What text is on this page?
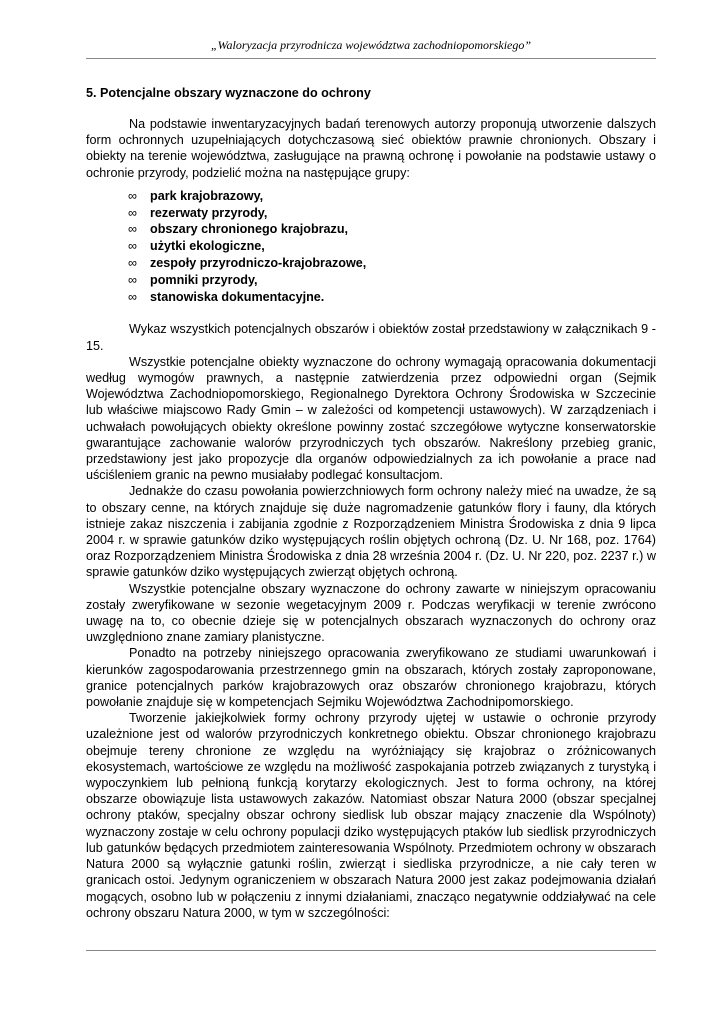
„Waloryzacja przyrodnicza województwa zachodniopomorskiego”
5. Potencjalne obszary wyznaczone do ochrony

Na podstawie inwentaryzacyjnych badań terenowych autorzy proponują utworzenie dalszych form ochronnych uzupełniających dotychczasową sieć obiektów prawnie chronionych. Obszary i obiekty na terenie województwa, zasługujące na prawną ochronę i powołanie na podstawie ustawy o ochronie przyrody, podzielić można na następujące grupy:

∞ park krajobrazowy,
∞ rezerwaty przyrody,
∞ obszary chronionego krajobrazu,
∞ użytki ekologiczne,
∞ zespoły przyrodniczo-krajobrazowe,
∞ pomniki przyrody,
∞ stanowiska dokumentacyjne.

Wykaz wszystkich potencjalnych obszarów i obiektów został przedstawiony w załącznikach 9 - 15.

Wszystkie potencjalne obiekty wyznaczone do ochrony wymagają opracowania dokumentacji według wymogów prawnych, a następnie zatwierdzenia przez odpowiedni organ (Sejmik Województwa Zachodniopomorskiego, Regionalnego Dyrektora Ochrony Środowiska w Szczecinie lub właściwe miajscowo Rady Gmin – w zależości od kompetencji ustawowych). W zarządzeniach i uchwałach powołujących obiekty określone powinny zostać szczegółowe wytyczne konserwatorskie gwarantujące zachowanie walorów przyrodniczych tych obszarów. Nakreślony przebieg granic, przedstawiony jest jako propozycje dla organów odpowiedzialnych za ich powołanie a prace nad uściśleniem granic na pewno musiałaby podlegać konsultacjom.

Jednakże do czasu powołania powierzchniowych form ochrony należy mieć na uwadze, że są to obszary cenne, na których znajduje się duże nagromadzenie gatunków flory i fauny, dla których istnieje zakaz niszczenia i zabijania zgodnie z Rozporządzeniem Ministra Środowiska z dnia 9 lipca 2004 r. w sprawie gatunków dziko występujących roślin objętych ochroną (Dz. U. Nr 168, poz. 1764) oraz Rozporządzeniem Ministra Środowiska z dnia 28 września 2004 r. (Dz. U. Nr 220, poz. 2237 r.) w sprawie gatunków dziko występujących zwierząt objętych ochroną.

Wszystkie potencjalne obszary wyznaczone do ochrony zawarte w niniejszym opracowaniu zostały zweryfikowane w sezonie wegetacyjnym 2009 r. Podczas weryfikacji w terenie zwrócono uwagę na to, co obecnie dzieje się w potencjalnych obszarach wyznaczonych do ochrony oraz uwzględniono znane zamiary planistyczne.

Ponadto na potrzeby niniejszego opracowania zweryfikowano ze studiami uwarunkowań i kierunków zagospodarowania przestrzennego gmin na obszarach, których zostały zaproponowane, granice potencjalnych parków krajobrazowych oraz obszarów chronionego krajobrazu, których powołanie znajduje się w kompetencjach Sejmiku Województwa Zachodnipomorskiego.

Tworzenie jakiejkolwiek formy ochrony przyrody ujętej w ustawie o ochronie przyrody uzależnione jest od walorów przyrodniczych konkretnego obiektu. Obszar chronionego krajobrazu obejmuje tereny chronione ze względu na wyróżniający się krajobraz o zróżnicowanych ekosystemach, wartościowe ze względu na możliwość zaspokajania potrzeb związanych z turystyką i wypoczynkiem lub pełnioną funkcją korytarzy ekologicznych. Jest to forma ochrony, na której obszarze obowiązuje lista ustawowych zakazów. Natomiast obszar Natura 2000 (obszar specjalnej ochrony ptaków, specjalny obszar ochrony siedlisk lub obszar mający znaczenie dla Wspólnoty) wyznaczony zostaje w celu ochrony populacji dziko występujących ptaków lub siedlisk przyrodniczych lub gatunków będących przedmiotem zainteresowania Wspólnoty. Przedmiotem ochrony w obszarach Natura 2000 są wyłącznie gatunki roślin, zwierząt i siedliska przyrodnicze, a nie cały teren w granicach ostoi. Jedynym ograniczeniem w obszarach Natura 2000 jest zakaz podejmowania działań mogących, osobno lub w połączeniu z innymi działaniami, znacząco negatywnie oddziaływać na cele ochrony obszaru Natura 2000, w tym w szczególności:
